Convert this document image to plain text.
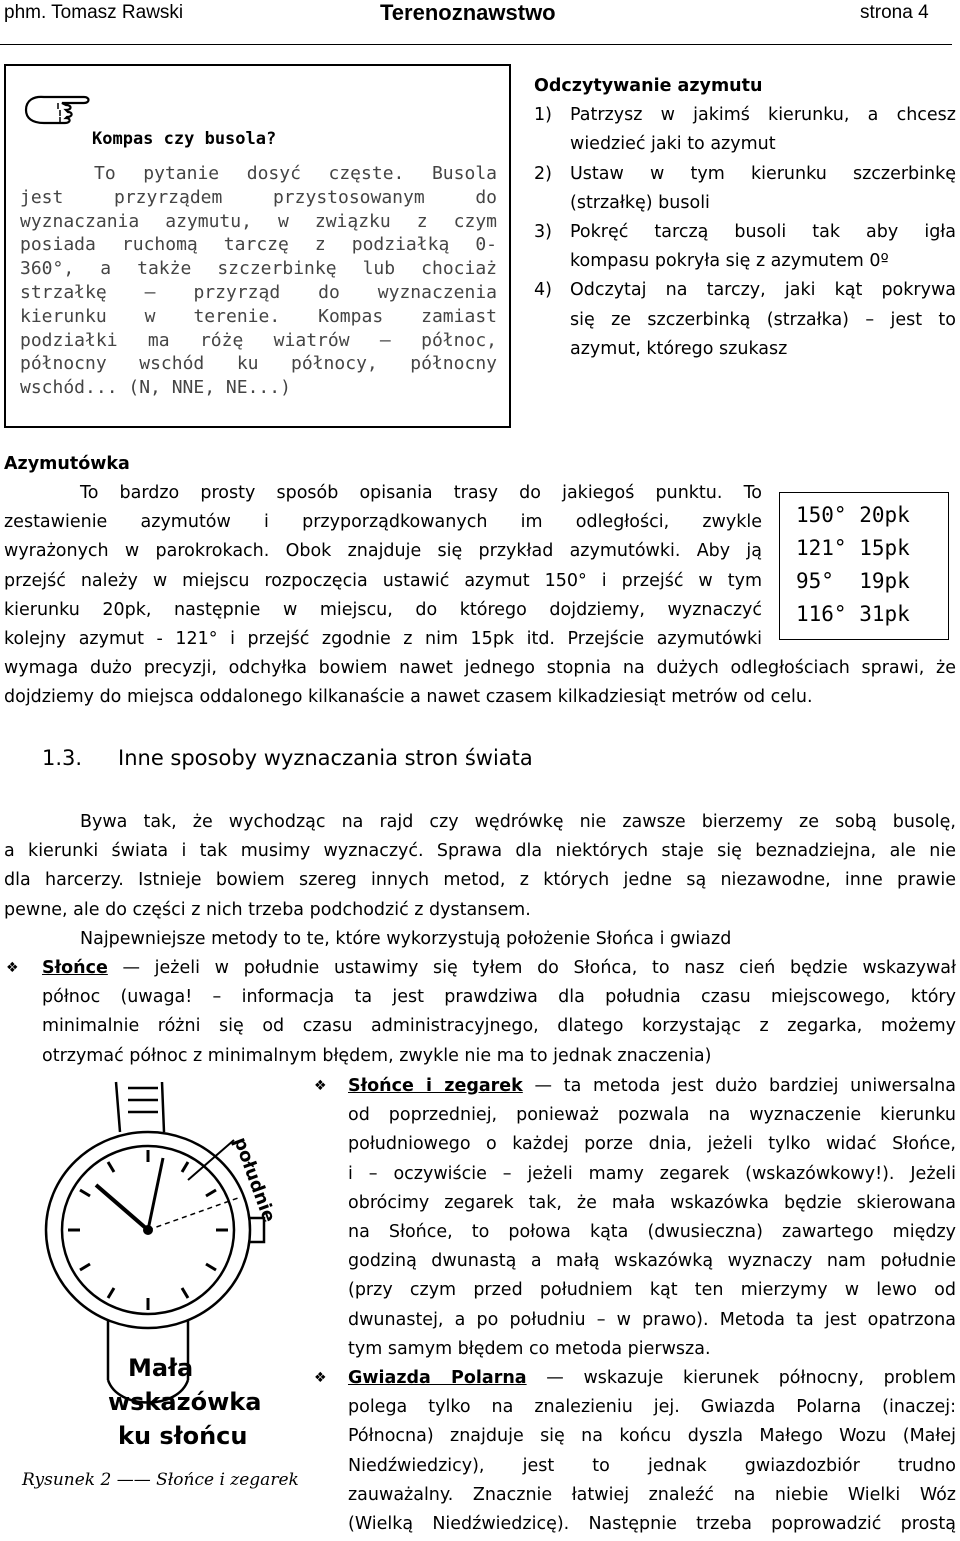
phm. Tomasz Rawski	Terenoznawstwo	strona 4
Kompas czy busola?
To pytanie dosyć częste. Busola
jest przyrządem przystosowanym do
wyznaczania azymutu, w związku z czym
posiada ruchomą tarczę z podziałką 0-
360°, a także szczerbinkę lub chociaż
strzałkę – przyrząd do wyznaczenia
kierunku w terenie. Kompas zamiast
podziałki ma różę wiatrów – północ,
północny wschód ku północy, północny
wschód... (N, NNE, NE...)
Odczytywanie azymutu
1) Patrzysz w jakimś kierunku, a chcesz
wiedzieć jaki to azymut
2) Ustaw w tym kierunku szczerbinkę
(strzałkę) busoli
3) Pokręć tarczą busoli tak aby igła
kompasu pokryła się z azymutem 0º
4) Odczytaj na tarczy, jaki kąt pokrywa
się ze szczerbinką (strzałka) – jest to
azymut, którego szukasz
Azymutówka
To bardzo prosty sposób opisania trasy do jakiegoś punktu. To
zestawienie azymutów i przyporządkowanych im odległości, zwykle
wyrażonych w parokrokach. Obok znajduje się przykład azymutówki. Aby ją
przejść należy w miejscu rozpoczęcia ustawić azymut 150° i przejść w tym
kierunku 20pk, następnie w miejscu, do którego dojdziemy, wyznaczyć
kolejny azymut - 121° i przejść zgodnie z nim 15pk itd. Przejście azymutówki
wymaga dużo precyzji, odchyłka bowiem nawet jednego stopnia na dużych odległościach sprawi, że
dojdziemy do miejsca oddalonego kilkanaście a nawet czasem kilkadziesiąt metrów od celu.
150° 20pk
121° 15pk
95°  19pk
116° 31pk
1.3. Inne sposoby wyznaczania stron świata
Bywa tak, że wychodząc na rajd czy wędrówkę nie zawsze bierzemy ze sobą busolę,
a kierunki świata i tak musimy wyznaczyć. Sprawa dla niektórych staje się beznadziejna, ale nie
dla harcerzy. Istnieje bowiem szereg innych metod, z których jedne są niezawodne, inne prawie
pewne, ale do części z nich trzeba podchodzić z dystansem.
Najpewniejsze metody to te, które wykorzystują położenie Słońca i gwiazd
❖ Słońce — jeżeli w południe ustawimy się tyłem do Słońca, to nasz cień będzie wskazywał
północ (uwaga! – informacja ta jest prawdziwa dla południa czasu miejscowego, który
minimalnie różni się od czasu administracyjnego, dlatego korzystając z zegarka, możemy
otrzymać północ z minimalnym błędem, zwykle nie ma to jednak znaczenia)
południe
Mała
wskazówka
ku słońcu
Rysunek 2 —— Słońce i zegarek
❖ Słońce i zegarek — ta metoda jest dużo bardziej uniwersalna
od poprzedniej, ponieważ pozwala na wyznaczenie kierunku
południowego o każdej porze dnia, jeżeli tylko widać Słońce,
i – oczywiście – jeżeli mamy zegarek (wskazówkowy!). Jeżeli
obrócimy zegarek tak, że mała wskazówka będzie skierowana
na Słońce, to połowa kąta (dwusieczna) zawartego między
godziną dwunastą a małą wskazówką wyznaczy nam południe
(przy czym przed południem kąt ten mierzymy w lewo od
dwunastej, a po południu – w prawo). Metoda ta jest opatrzona
tym samym błędem co metoda pierwsza.
❖ Gwiazda Polarna — wskazuje kierunek północny, problem
polega tylko na znalezieniu jej. Gwiazda Polarna (inaczej:
Północna) znajduje się na końcu dyszla Małego Wozu (Małej
Niedźwiedzicy), jest to jednak gwiazdozbiór trudno
zauważalny. Znacznie łatwiej znaleźć na niebie Wielki Wóz
(Wielką Niedźwiedzicę). Następnie trzeba poprowadzić prostą
